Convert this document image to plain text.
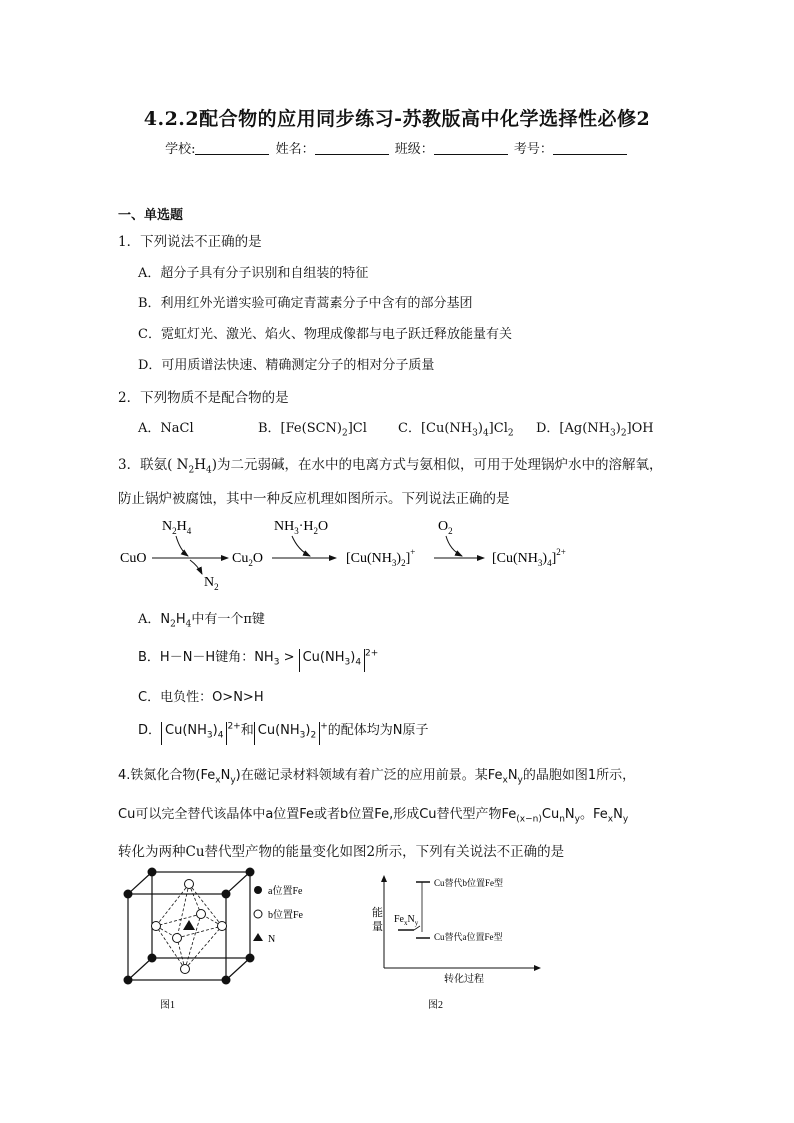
4.2.2配合物的应用同步练习-苏教版高中化学选择性必修2
学校:	姓名：	班级：	考号：
一、单选题
1．下列说法不正确的是
A．超分子具有分子识别和自组装的特征
B．利用红外光谱实验可确定青蒿素分子中含有的部分基团
C．霓虹灯光、激光、焰火、物理成像都与电子跃迁释放能量有关
D．可用质谱法快速、精确测定分子的相对分子质量
2．下列物质不是配合物的是
A．NaCl	B．$[Fe(SCN)_2]Cl$ C．$[Cu(NH_3)_4]Cl_2$ D．$[Ag(NH_3)_2]OH$
3．联氨( $N_2H_4$)为二元弱碱，在水中的电离方式与氨相似，可用于处理锅炉水中的溶解氧，
防止锅炉被腐蚀，其中一种反应机理如图所示。下列说法正确的是
CuO
$N_2H_4$
$N_2$
$Cu_2O$
$NH_3\cdot H_2O$
$[Cu(NH_3)_2]^+$
$O_2$
$[Cu(NH_3)_4]^{2+}$
A．$N_2H_4$中有一个π键
B．H－N－H键角：$NH_3 > Cu(NH_3)_4^{2+}$
C．电负性：O>N>H
D． $Cu(NH_3)_4^{2+}$和 $Cu(NH_3)_2^+$的配体均为N原子
4.铁氮化合物$(Fe_xN_y)$在磁记录材料领域有着广泛的应用前景。某$Fe_xN_y$的晶胞如图1所示，
Cu可以完全替代该晶体中a位置Fe或者b位置Fe,形成Cu替代型产物$Fe_{(x-n)}Cu_nN_y$。$Fe_xN_y$
转化为两种Cu替代型产物的能量变化如图2所示，下列有关说法不正确的是
a位置Fe
b位置Fe
N
图1
能
量
转化过程
$Fe_xN_y$
Cu替代b位置Fe型
Cu替代a位置Fe型
图2
